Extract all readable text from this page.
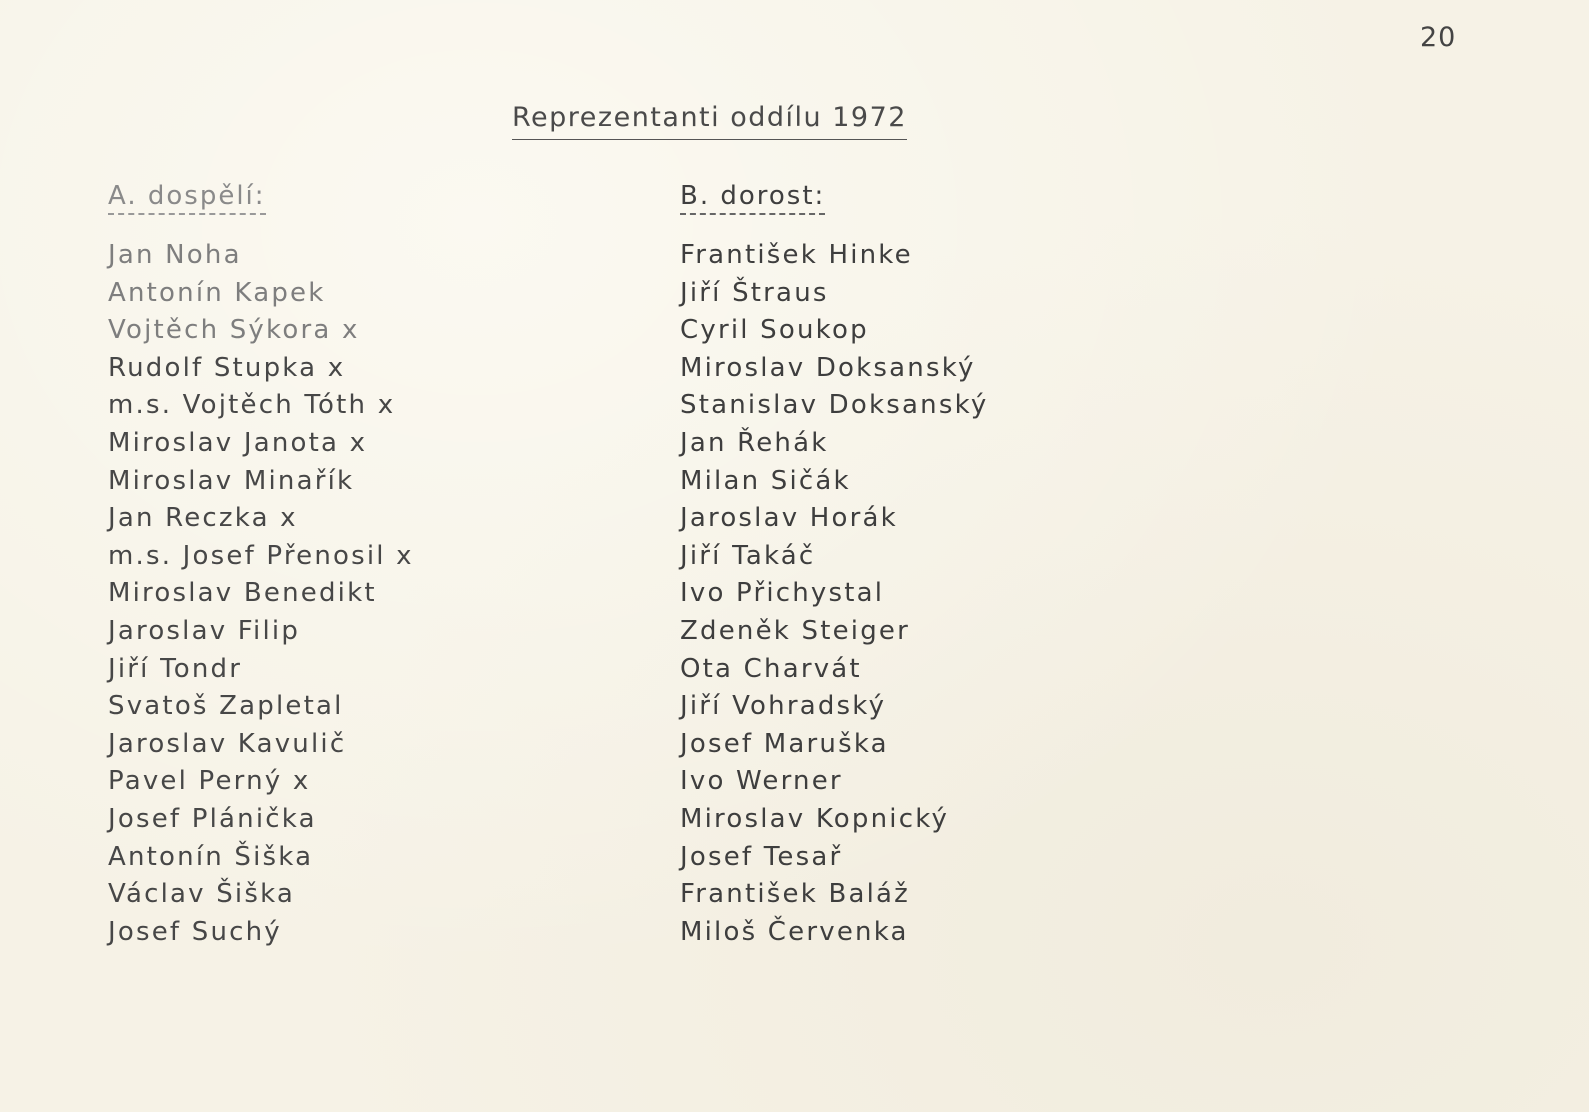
20
Reprezentanti oddílu 1972
A. dospělí:
Jan Noha
Antonín Kapek
Vojtěch Sýkora x
Rudolf Stupka x
m.s. Vojtěch Tóth x
Miroslav Janota x
Miroslav Minařík
Jan Reczka x
m.s. Josef Přenosil x
Miroslav Benedikt
Jaroslav Filip
Jiří Tondr
Svatoš Zapletal
Jaroslav Kavulič
Pavel Perný x
Josef Plánička
Antonín Šiška
Václav Šiška
Josef Suchý
B. dorost:
František Hinke
Jiří Štraus
Cyril Soukop
Miroslav Doksanský
Stanislav Doksanský
Jan Řehák
Milan Sičák
Jaroslav Horák
Jiří Takáč
Ivo Přichystal
Zdeněk Steiger
Ota Charvát
Jiří Vohradský
Josef Maruška
Ivo Werner
Miroslav Kopnický
Josef Tesař
František Baláž
Miloš Červenka
